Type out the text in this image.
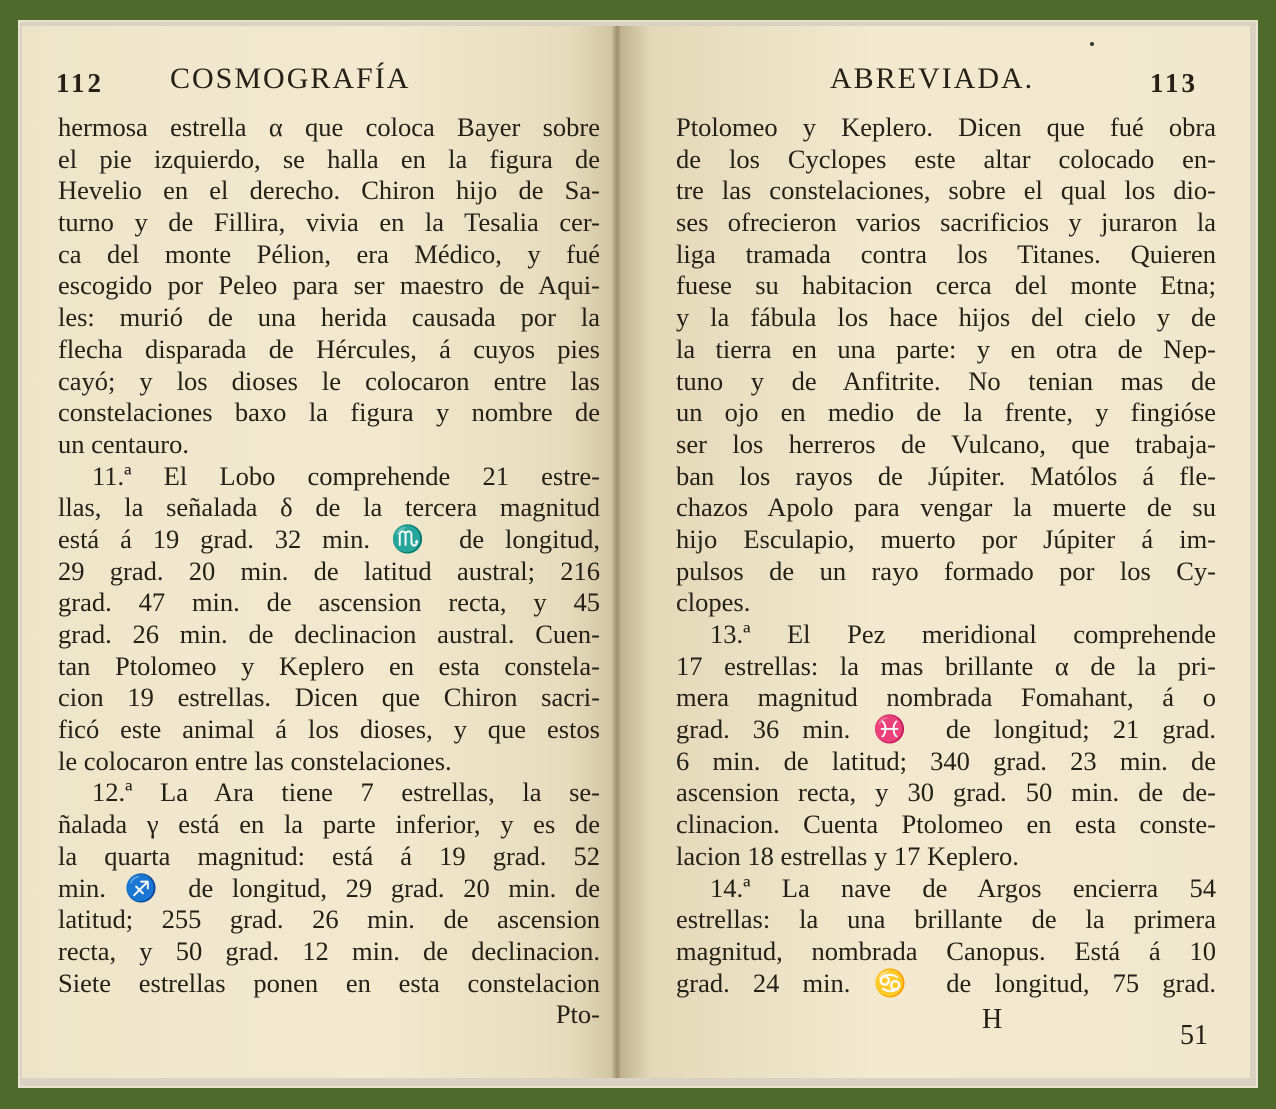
112 COSMOGRAFÍA
hermosa estrella α que coloca Bayer sobre
el pie izquierdo, se halla en la figura de
Hevelio en el derecho. Chiron hijo de Sa-
turno y de Fillira, vivia en la Tesalia cer-
ca del monte Pélion, era Médico, y fué
escogido por Peleo para ser maestro de Aqui-
les: murió de una herida causada por la
flecha disparada de Hércules, á cuyos pies
cayó; y los dioses le colocaron entre las
constelaciones baxo la figura y nombre de
un centauro.
11.ª El Lobo comprehende 21 estre-
llas, la señalada δ de la tercera magnitud
está á 19 grad. 32 min. ♏ de longitud,
29 grad. 20 min. de latitud austral; 216
grad. 47 min. de ascension recta, y 45
grad. 26 min. de declinacion austral. Cuen-
tan Ptolomeo y Keplero en esta constela-
cion 19 estrellas. Dicen que Chiron sacri-
ficó este animal á los dioses, y que estos
le colocaron entre las constelaciones.
12.ª La Ara tiene 7 estrellas, la se-
ñalada γ está en la parte inferior, y es de
la quarta magnitud: está á 19 grad. 52
min. ♐ de longitud, 29 grad. 20 min. de
latitud; 255 grad. 26 min. de ascension
recta, y 50 grad. 12 min. de declinacion.
Siete estrellas ponen en esta constelacion
Pto-
ABREVIADA.	113
Ptolomeo y Keplero. Dicen que fué obra
de los Cyclopes este altar colocado en-
tre las constelaciones, sobre el qual los dio-
ses ofrecieron varios sacrificios y juraron la
liga tramada contra los Titanes. Quieren
fuese su habitacion cerca del monte Etna;
y la fábula los hace hijos del cielo y de
la tierra en una parte: y en otra de Nep-
tuno y de Anfitrite. No tenian mas de
un ojo en medio de la frente, y fingióse
ser los herreros de Vulcano, que trabaja-
ban los rayos de Júpiter. Matólos á fle-
chazos Apolo para vengar la muerte de su
hijo Esculapio, muerto por Júpiter á im-
pulsos de un rayo formado por los Cy-
clopes.
13.ª El Pez meridional comprehende
17 estrellas: la mas brillante α de la pri-
mera magnitud nombrada Fomahant, á o
grad. 36 min. ♓ de longitud; 21 grad.
6 min. de latitud; 340 grad. 23 min. de
ascension recta, y 30 grad. 50 min. de de-
clinacion. Cuenta Ptolomeo en esta conste-
lacion 18 estrellas y 17 Keplero.
14.ª La nave de Argos encierra 54
estrellas: la una brillante de la primera
magnitud, nombrada Canopus. Está á 10
grad. 24 min. ♋ de longitud, 75 grad.
H
51
